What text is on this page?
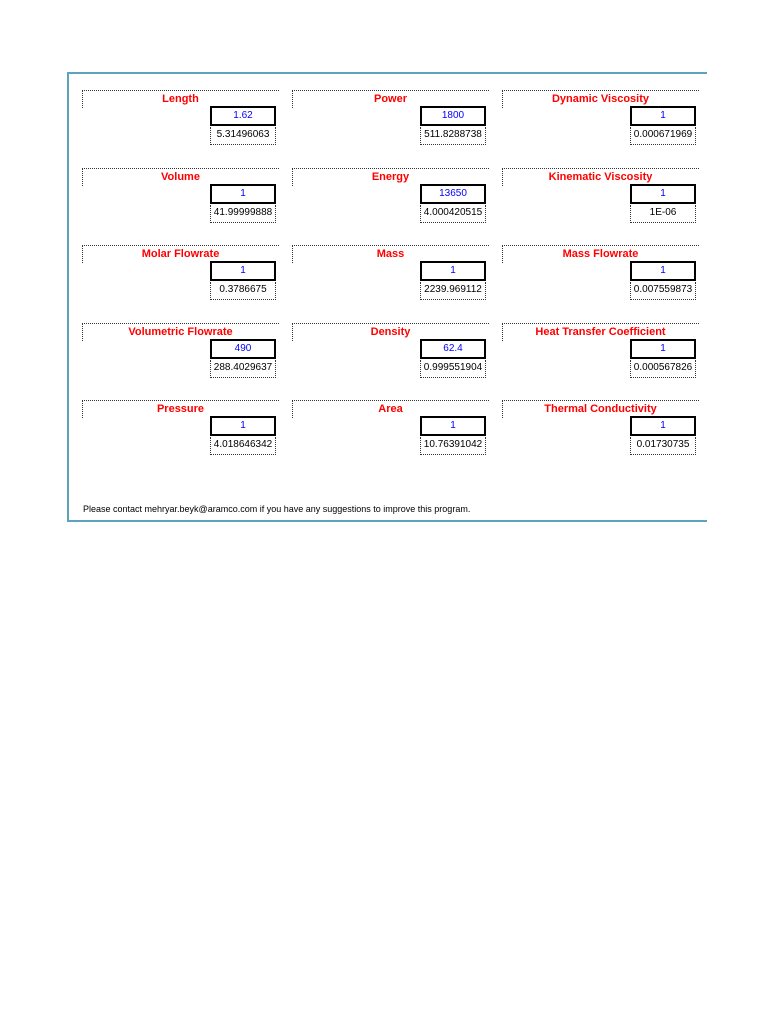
Length
1.62
5.31496063
Power
1800
511.8288738
Dynamic Viscosity
1
0.000671969
Volume
1
41.99999888
Energy
13650
4.000420515
Kinematic Viscosity
1
1E-06
Molar Flowrate
1
0.3786675
Mass
1
2239.969112
Mass Flowrate
1
0.007559873
Volumetric Flowrate
490
288.4029637
Density
62.4
0.999551904
Heat Transfer Coefficient
1
0.000567826
Pressure
1
4.018646342
Area
1
10.76391042
Thermal Conductivity
1
0.01730735
Please contact mehryar.beyk@aramco.com if you have any suggestions to improve this program.
